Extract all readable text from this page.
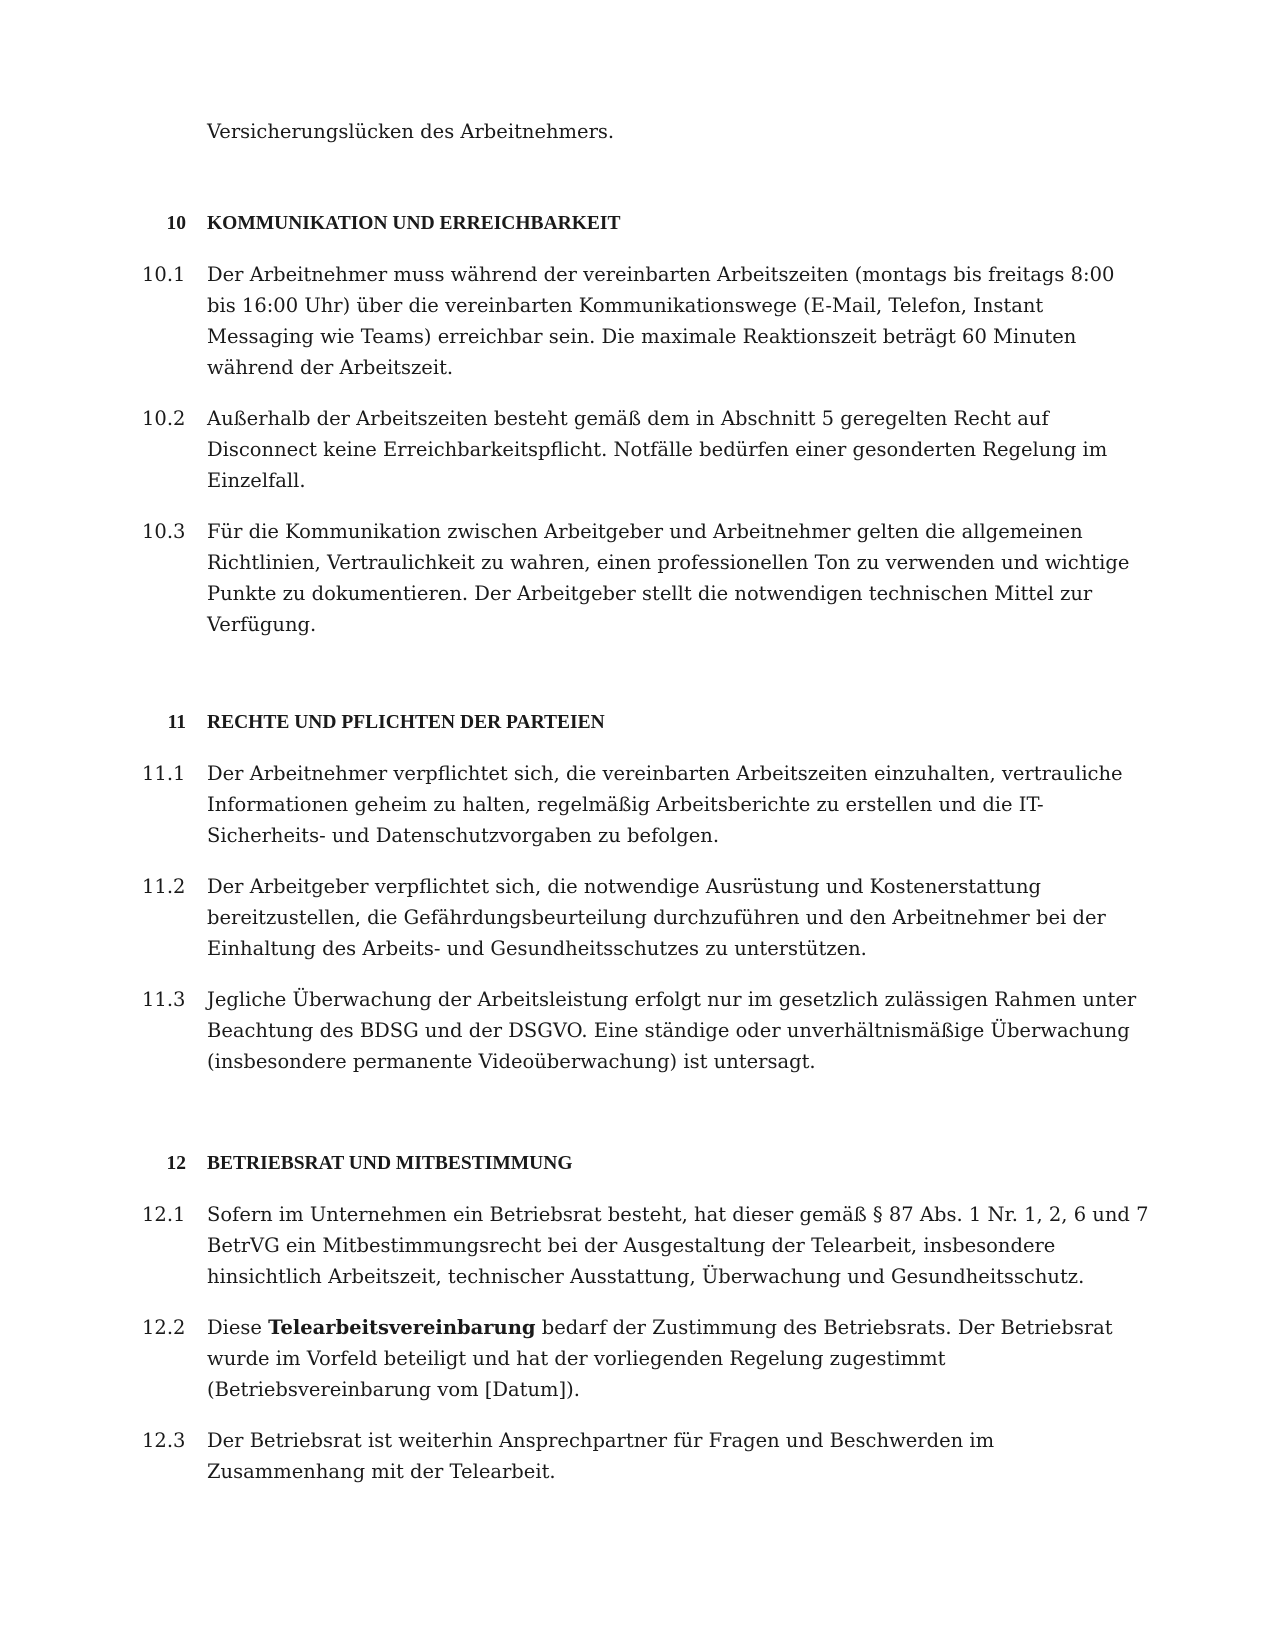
Versicherungslücken des Arbeitnehmers.
10 KOMMUNIKATION UND ERREICHBARKEIT
10.1 Der Arbeitnehmer muss während der vereinbarten Arbeitszeiten (montags bis freitags 8:00
bis 16:00 Uhr) über die vereinbarten Kommunikationswege (E-Mail, Telefon, Instant
Messaging wie Teams) erreichbar sein. Die maximale Reaktionszeit beträgt 60 Minuten
während der Arbeitszeit.
10.2 Außerhalb der Arbeitszeiten besteht gemäß dem in Abschnitt 5 geregelten Recht auf
Disconnect keine Erreichbarkeitspflicht. Notfälle bedürfen einer gesonderten Regelung im
Einzelfall.
10.3 Für die Kommunikation zwischen Arbeitgeber und Arbeitnehmer gelten die allgemeinen
Richtlinien, Vertraulichkeit zu wahren, einen professionellen Ton zu verwenden und wichtige
Punkte zu dokumentieren. Der Arbeitgeber stellt die notwendigen technischen Mittel zur
Verfügung.
11 RECHTE UND PFLICHTEN DER PARTEIEN
11.1 Der Arbeitnehmer verpflichtet sich, die vereinbarten Arbeitszeiten einzuhalten, vertrauliche
Informationen geheim zu halten, regelmäßig Arbeitsberichte zu erstellen und die IT-
Sicherheits- und Datenschutzvorgaben zu befolgen.
11.2 Der Arbeitgeber verpflichtet sich, die notwendige Ausrüstung und Kostenerstattung
bereitzustellen, die Gefährdungsbeurteilung durchzuführen und den Arbeitnehmer bei der
Einhaltung des Arbeits- und Gesundheitsschutzes zu unterstützen.
11.3 Jegliche Überwachung der Arbeitsleistung erfolgt nur im gesetzlich zulässigen Rahmen unter
Beachtung des BDSG und der DSGVO. Eine ständige oder unverhältnismäßige Überwachung
(insbesondere permanente Videoüberwachung) ist untersagt.
12 BETRIEBSRAT UND MITBESTIMMUNG
12.1 Sofern im Unternehmen ein Betriebsrat besteht, hat dieser gemäß § 87 Abs. 1 Nr. 1, 2, 6 und 7
BetrVG ein Mitbestimmungsrecht bei der Ausgestaltung der Telearbeit, insbesondere
hinsichtlich Arbeitszeit, technischer Ausstattung, Überwachung und Gesundheitsschutz.
12.2 Diese Telearbeitsvereinbarung bedarf der Zustimmung des Betriebsrats. Der Betriebsrat
wurde im Vorfeld beteiligt und hat der vorliegenden Regelung zugestimmt
(Betriebsvereinbarung vom [Datum]).
12.3 Der Betriebsrat ist weiterhin Ansprechpartner für Fragen und Beschwerden im
Zusammenhang mit der Telearbeit.
